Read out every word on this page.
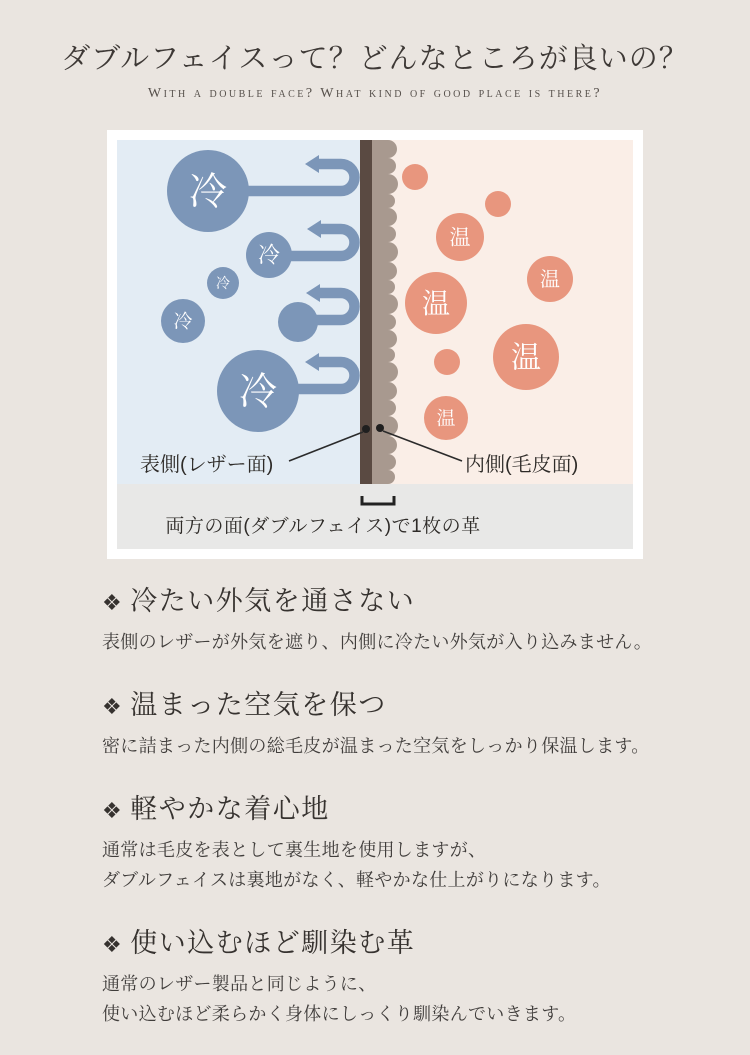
ダブルフェイスって？どんなところが良いの？
With a double face? What kind of good place is there?
冷
冷
冷
冷
冷
温
温
温
温
温
表側(レザー面)	内側(毛皮面)
両方の面(ダブルフェイス)で1枚の革
❖ 冷たい外気を通さない

表側のレザーが外気を遮り、内側に冷たい外気が入り込みません。

❖ 温まった空気を保つ

密に詰まった内側の総毛皮が温まった空気をしっかり保温します。

❖ 軽やかな着心地

通常は毛皮を表として裏生地を使用しますが、

ダブルフェイスは裏地がなく、軽やかな仕上がりになります。

❖ 使い込むほど馴染む革

通常のレザー製品と同じように、

使い込むほど柔らかく身体にしっくり馴染んでいきます。
